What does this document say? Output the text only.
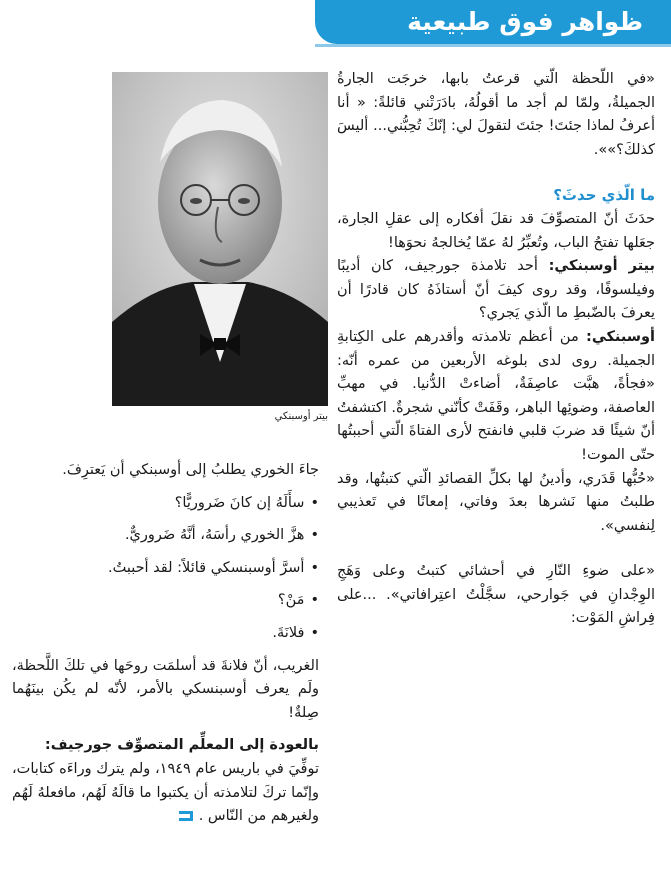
ظواهر فوق طبيعية

«في اللّحظة الّتي قرعتُ بابها، خرجَت الجارةُ الجميلةُ، ولمّا لم أجد ما أقولُهُ، بادَرَتْني قائلةً: « أنا أعرفُ لماذا جئتَ! جئتَ لتقولَ لي: إنّكَ تُحِبُّني... أليسَ كذلكَ؟»».

ما الّذي حدثَ؟

حدَثَ أنّ المتصوِّفَ قد نقلَ أفكاره إلى عقلِ الجارة، جعَلها تفتحُ الباب، وتُعبِّرُ لهُ عمّا يُخالجهُ نحوَها!

بيتر أوسبنكي: أحد تلامذة جورجيف، كان أديبًا وفيلسوفًا، وقد روى كيفَ أنّ أستاذَهُ كان قادرًا أن يعرفَ بالضّبطِ ما الّذي يَجري؟

أوسبنكي: من أعظم تلامذته وأقدرهم على الكِتابةِ الجميلة. روى لدى بلوغه الأربعين من عمره أنّه: «فجأةً، هبَّت عاصِفَةٌ، أضاءتْ الدُّنيا. في مهبِّ العاصفة، وضوئِها الباهر، وقَفَتْ كأنّني شجرةٌ. اكتشفتُ أنّ شيئًا قد ضربَ قلبي فانفتح لأرى الفتاةَ الّتي أحببتُها حتّى الموت!

«حُبُّها قَدَري، وأدينُ لها بكلِّ القصائدِ الّتي كتبتُها، وقد طلبتُ منها نَشرها بعدَ وفاتي، إمعانًا في تَعذيبي لِنفسي».

«على ضوءِ النّارِ في أحشائي كتبتُ وعلى وَهَجِ الوِجْدانِ في جَوارحي، سجَّلْتُ اعتِرافاتي». ...على فِراشِ المَوْت:

بيتر أوسبنكي

جاءَ الخوري يطلبُ إلى أوسبنكي أن يَعترِفَ.

•
سأَلَهُ إن كانَ ضَروريًّا؟
•
هزَّ الخوري رأسَهُ، أنَّهُ ضَروريٌّ.
•
أسرَّ أوسبنسكي قائلاً: لقد أحببتُ.
•
مَنْ؟
•
فلانَةَ.

الغريب، أنّ فلانةَ قد أسلمَت روحَها في تلكَ اللَّحظة، ولَم يعرف أوسبنسكي بالأمر، لأنّه لم يكُن بينَهُما صِلةٌ!

بالعودة إلى المعلِّم المتصوِّف جورجيف:

توفِّيَ في باريس عام ١٩٤٩، ولم يترك وراءَه كتابات، وإنّما تركَ لتلامذته أن يكتبوا ما قالَهُ لَهُم، مافعلهُ لَهُم ولغيرهم من النّاس .
